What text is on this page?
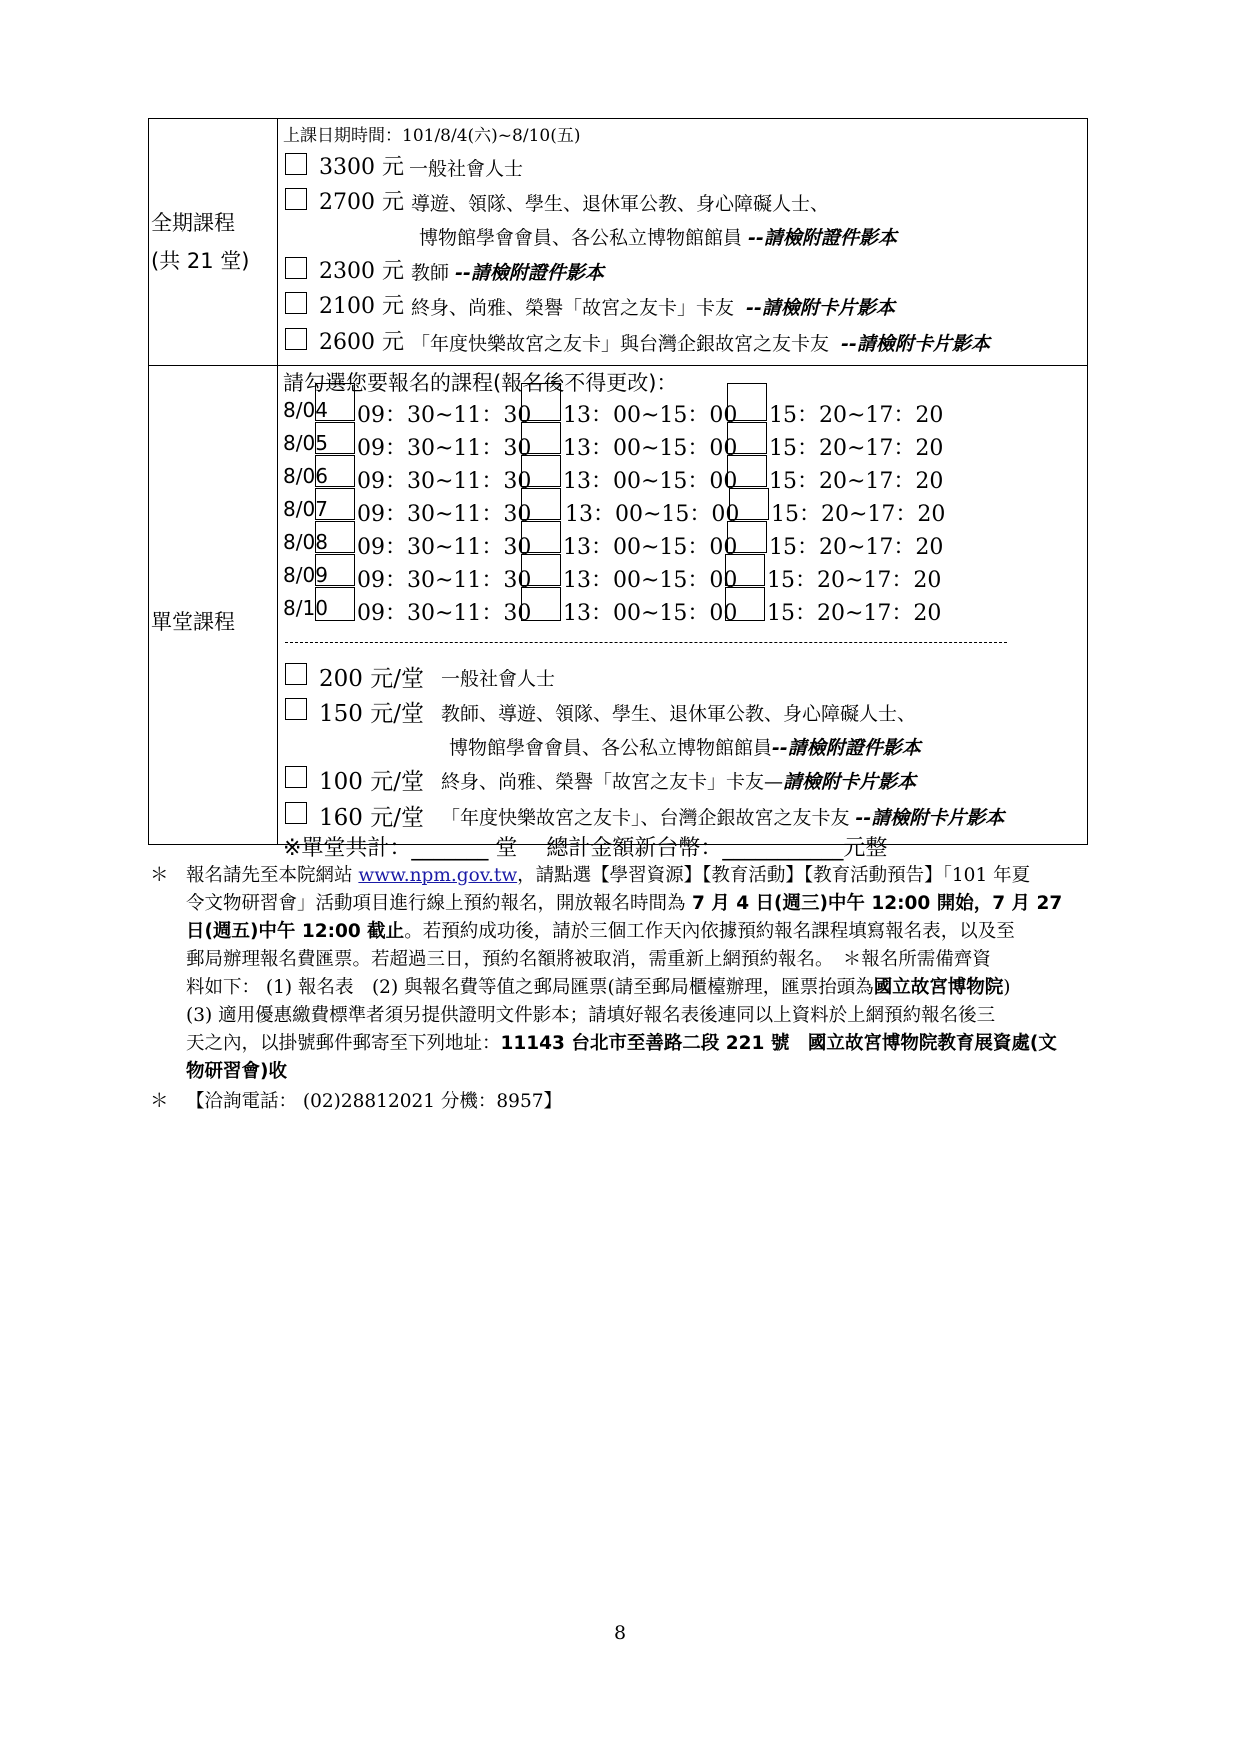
全期課程
(共 21 堂)
上課日期時間：101/8/4(六)~8/10(五)
3300 元 一般社會人士
2700 元 導遊、領隊、學生、退休軍公教、身心障礙人士、
博物館學會會員、各公私立博物館館員 --請檢附證件影本
2300 元 教師 --請檢附證件影本
2100 元 終身、尚雅、榮譽「故宮之友卡」卡友 --請檢附卡片影本
2600 元 「年度快樂故宮之友卡」與台灣企銀故宮之友卡友 --請檢附卡片影本
單堂課程
請勾選您要報名的課程(報名後不得更改)：
8/04 09：30~11：30 13：00~15：00 15：20~17：20
8/05 09：30~11：30 13：00~15：00 15：20~17：20
8/06 09：30~11：30 13：00~15：00 15：20~17：20
8/07 09：30~11：30 13：00~15：00 15：20~17：20
8/08 09：30~11：30 13：00~15：00 15：20~17：20
8/09 09：30~11：30 13：00~15：00 15：20~17：20
8/10 09：30~11：30 13：00~15：00 15：20~17：20
200 元/堂 一般社會人士
150 元/堂 教師、導遊、領隊、學生、退休軍公教、身心障礙人士、
博物館學會會員、各公私立博物館館員--請檢附證件影本
100 元/堂 終身、尚雅、榮譽「故宮之友卡」卡友—請檢附卡片影本
160 元/堂 「年度快樂故宮之友卡」、台灣企銀故宮之友卡友 --請檢附卡片影本
※單堂共計：_______ 堂　 總計金額新台幣：___________元整
＊ 報名請先至本院網站 www.npm.gov.tw，請點選【學習資源】【教育活動】【教育活動預告】「101 年夏
令文物研習會」活動項目進行線上預約報名，開放報名時間為 7 月 4 日(週三)中午 12:00 開始，7 月 27
日(週五)中午 12:00 截止。若預約成功後，請於三個工作天內依據預約報名課程填寫報名表，以及至
郵局辦理報名費匯票。若超過三日，預約名額將被取消，需重新上網預約報名。　＊報名所需備齊資
料如下： (1) 報名表　(2) 與報名費等值之郵局匯票(請至郵局櫃檯辦理，匯票抬頭為國立故宮博物院)
(3) 適用優惠繳費標準者須另提供證明文件影本；請填好報名表後連同以上資料於上網預約報名後三
天之內，以掛號郵件郵寄至下列地址：11143 台北市至善路二段 221 號　國立故宮博物院教育展資處(文
物研習會)收
＊ 【洽詢電話： (02)28812021 分機：8957】
8
